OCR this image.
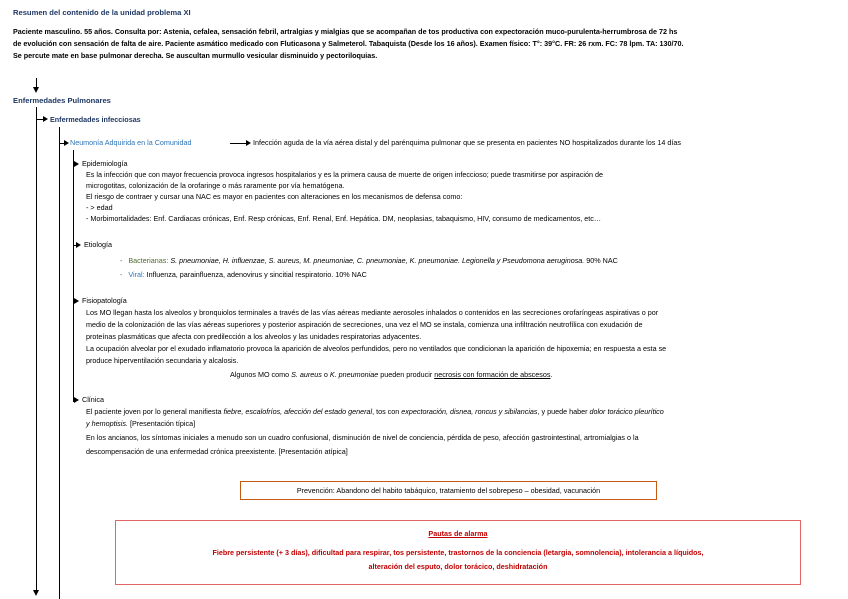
Resumen del contenido de la unidad problema XI
Paciente masculino. 55 años. Consulta por: Astenia, cefalea, sensación febril, artralgias y mialgias que se acompañan de tos productiva con expectoración muco-purulenta-herrumbrosa de 72 hs
de evolución con sensación de falta de aire. Paciente asmático medicado con Fluticasona y Salmeterol. Tabaquista (Desde los 16 años). Examen físico: T°: 39°C. FR: 26 rxm. FC: 78 lpm. TA: 130/70.
Se percute mate en base pulmonar derecha. Se auscultan murmullo vesicular disminuido y pectoriloquias.
Enfermedades Pulmonares
Enfermedades infecciosas
Neumonía Adquirida en la Comunidad	Infección aguda de la vía aérea distal y del parénquima pulmonar que se presenta en pacientes NO hospitalizados durante los 14 días
Epidemiología
Es la infección que con mayor frecuencia provoca ingresos hospitalarios y es la primera causa de muerte de origen infeccioso; puede trasmitirse por aspiración de
microgotitas, colonización de la orofaringe o más raramente por vía hematógena.
El riesgo de contraer y cursar una NAC es mayor en pacientes con alteraciones en los mecanismos de defensa como:
- > edad
- Morbimortalidades: Enf. Cardiacas crónicas, Enf. Resp crónicas, Enf. Renal, Enf. Hepática. DM, neoplasias, tabaquismo, HIV, consumo de medicamentos, etc…
Etiología
-   Bacterianas: S. pneumoniae, H. influenzae, S. aureus, M. pneumoniae, C. pneumoniae, K. pneumoniae. Legionella y Pseudomona aeruginosa. 90% NAC
-   Viral: Influenza, parainfluenza, adenovirus y sincitial respiratorio. 10% NAC
Fisiopatología
Los MO llegan hasta los alveolos y bronquiolos terminales a través de las vías aéreas mediante aerosoles inhalados o contenidos en las secreciones orofaríngeas aspirativas o por
medio de la colonización de las vías aéreas superiores y posterior aspiración de secreciones, una vez el MO se instala, comienza una infiltración neutrofílica con exudación de
proteínas plasmáticas que afecta con predilección a los alveolos y las unidades respiratorias adyacentes.
La ocupación alveolar por el exudado inflamatorio provoca la aparición de alveolos perfundidos, pero no ventilados que condicionan la aparición de hipoxemia; en respuesta a esta se
produce hiperventilación secundaria y alcalosis.
Algunos MO como S. aureus o K. pneumoniae pueden producir necrosis con formación de abscesos.
Clínica
El paciente joven por lo general manifiesta fiebre, escalofríos, afección del estado general, tos con expectoración, disnea, roncus y sibilancias, y puede haber dolor torácico pleurítico
y hemoptisis. [Presentación típica]
En los ancianos, los síntomas iniciales a menudo son un cuadro confusional, disminución de nivel de conciencia, pérdida de peso, afección gastrointestinal, artromialgias o la
descompensación de una enfermedad crónica preexistente. [Presentación atípica]
Prevención: Abandono del habito tabáquico, tratamiento del sobrepeso – obesidad, vacunación
Pautas de alarma
Fiebre persistente (+ 3 días), dificultad para respirar, tos persistente, trastornos de la conciencia (letargia, somnolencia), intolerancia a líquidos,
alteración del esputo, dolor torácico, deshidratación
